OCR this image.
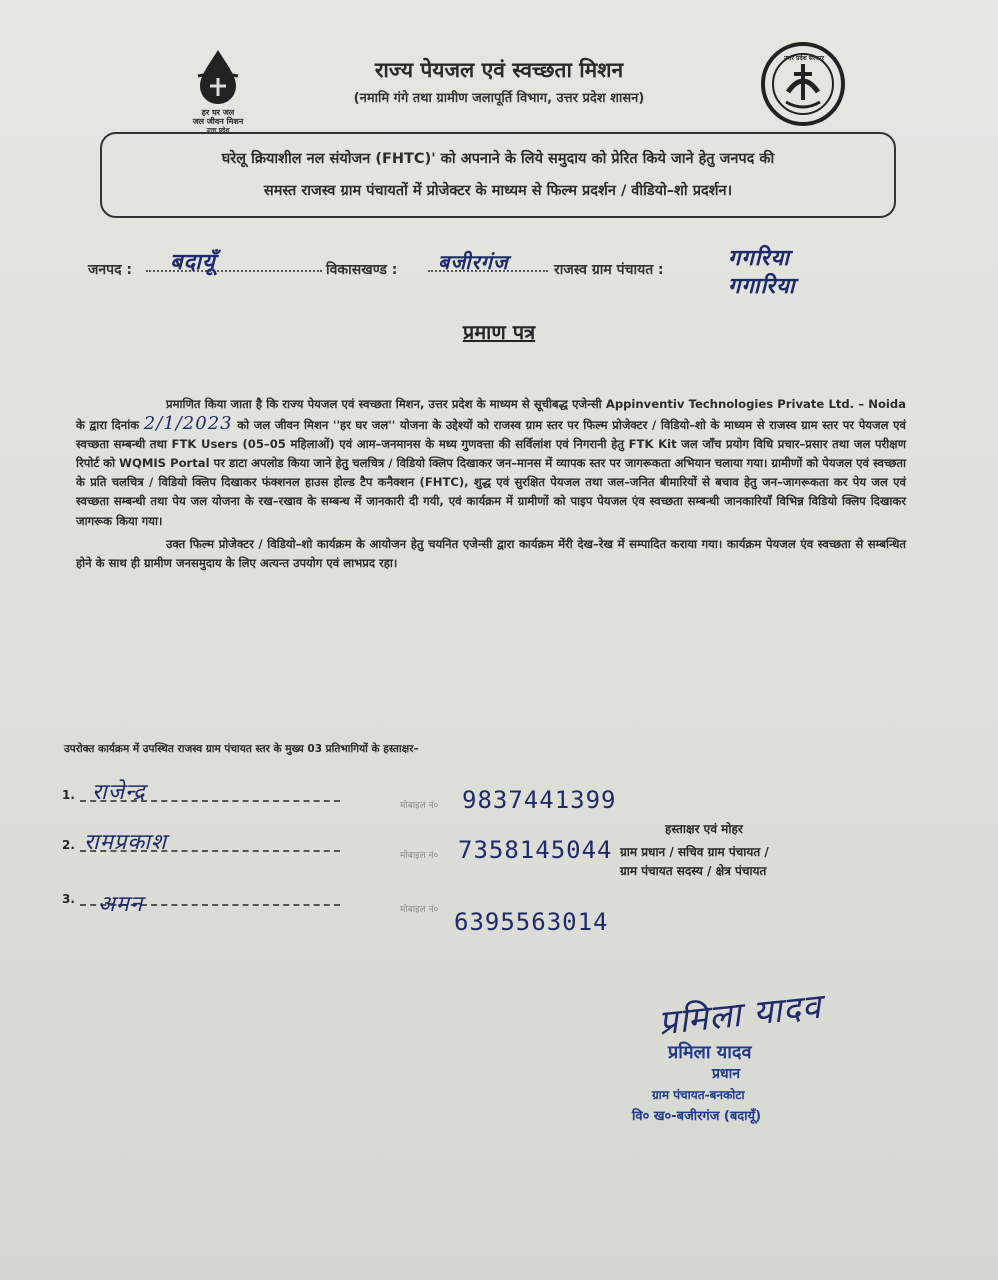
हर घर जल
जल जीवन मिशन
उत्तर प्रदेश
उत्तर प्रदेश सरकार
राज्य पेयजल एवं स्वच्छता मिशन
(नमामि गंगे तथा ग्रामीण जलापूर्ति विभाग, उत्तर प्रदेश शासन)
घरेलू क्रियाशील नल संयोजन (FHTC)' को अपनाने के लिये समुदाय को प्रेरित किये जाने हेतु जनपद की
समस्त राजस्व ग्राम पंचायतों में प्रोजेक्टर के माध्यम से फिल्म प्रदर्शन / वीडियो–शो प्रदर्शन।
जनपद : बदायूँ	विकासखण्ड : बजीरगंज	राजस्व ग्राम पंचायत :	गगरिया
गगारिया
प्रमाण पत्र

प्रमाणित किया जाता है कि राज्य पेयजल एवं स्वच्छता मिशन, उत्तर प्रदेश के माध्यम से सूचीबद्ध एजेन्सी Appinventiv Technologies Private Ltd. – Noida के द्वारा दिनांक 2/1/2023 को जल जीवन मिशन ''हर घर जल'' योजना के उद्देश्यों को राजस्व ग्राम स्तर पर फिल्म प्रोजेक्टर / विडियो–शो के माध्यम से राजस्व ग्राम स्तर पर पेयजल एवं स्वच्छता सम्बन्धी तथा FTK Users (05–05 महिलाओं) एवं आम–जनमानस के मध्य गुणवत्ता की सर्विलांश एवं निगरानी हेतु FTK Kit जल जाँच प्रयोग विधि प्रचार–प्रसार तथा जल परीक्षण रिपोर्ट को WQMIS Portal पर डाटा अपलोड किया जाने हेतु चलचित्र / विडियो क्लिप दिखाकर जन–मानस में व्यापक स्तर पर जागरूकता अभियान चलाया गया। ग्रामीणों को पेयजल एवं स्वच्छता के प्रति चलचित्र / विडियो क्लिप दिखाकर फंक्शनल हाउस होल्ड टैप कनैक्शन (FHTC), शुद्ध एवं सुरक्षित पेयजल तथा जल–जनित बीमारियों से बचाव हेतु जन–जागरूकता कर पेय जल एवं स्वच्छता सम्बन्धी तथा पेय जल योजना के रख–रखाव के सम्बन्ध में जानकारी दी गयी, एवं कार्यक्रम में ग्रामीणों को पाइप पेयजल एंव स्वच्छता सम्बन्धी जानकारियाँ विभिन्न विडियो क्लिप दिखाकर जागरूक किया गया।

उक्त फिल्म प्रोजेक्टर / विडियो–शो कार्यक्रम के आयोजन हेतु चयनित एजेन्सी द्वारा कार्यक्रम मेंरी देख–रेख में सम्पादित कराया गया। कार्यक्रम पेयजल एंव स्वच्छता से सम्बन्धित होने के साथ ही ग्रामीण जनसमुदाय के लिए अत्यन्त उपयोग एवं लाभप्रद रहा।

उपरोक्त कार्यक्रम में उपस्थित राजस्व ग्राम पंचायत स्तर के मुख्य 03 प्रतिभागियों के हस्ताक्षर–
1. राजेन्द्र
मोबाइल नं० 9837441399
2. रामप्रकाश
मोबाइल नं० 7358145044
3. अमन	मोबाइल नं० 6395563014
हस्ताक्षर एवं मोहर
ग्राम प्रधान / सचिव ग्राम पंचायत /
ग्राम पंचायत सदस्य / क्षेत्र पंचायत
प्रमिला यादव
प्रमिला यादव
प्रधान
ग्राम पंचायत-बनकोटा
वि० ख०-बजीरगंज (बदायूँ)
